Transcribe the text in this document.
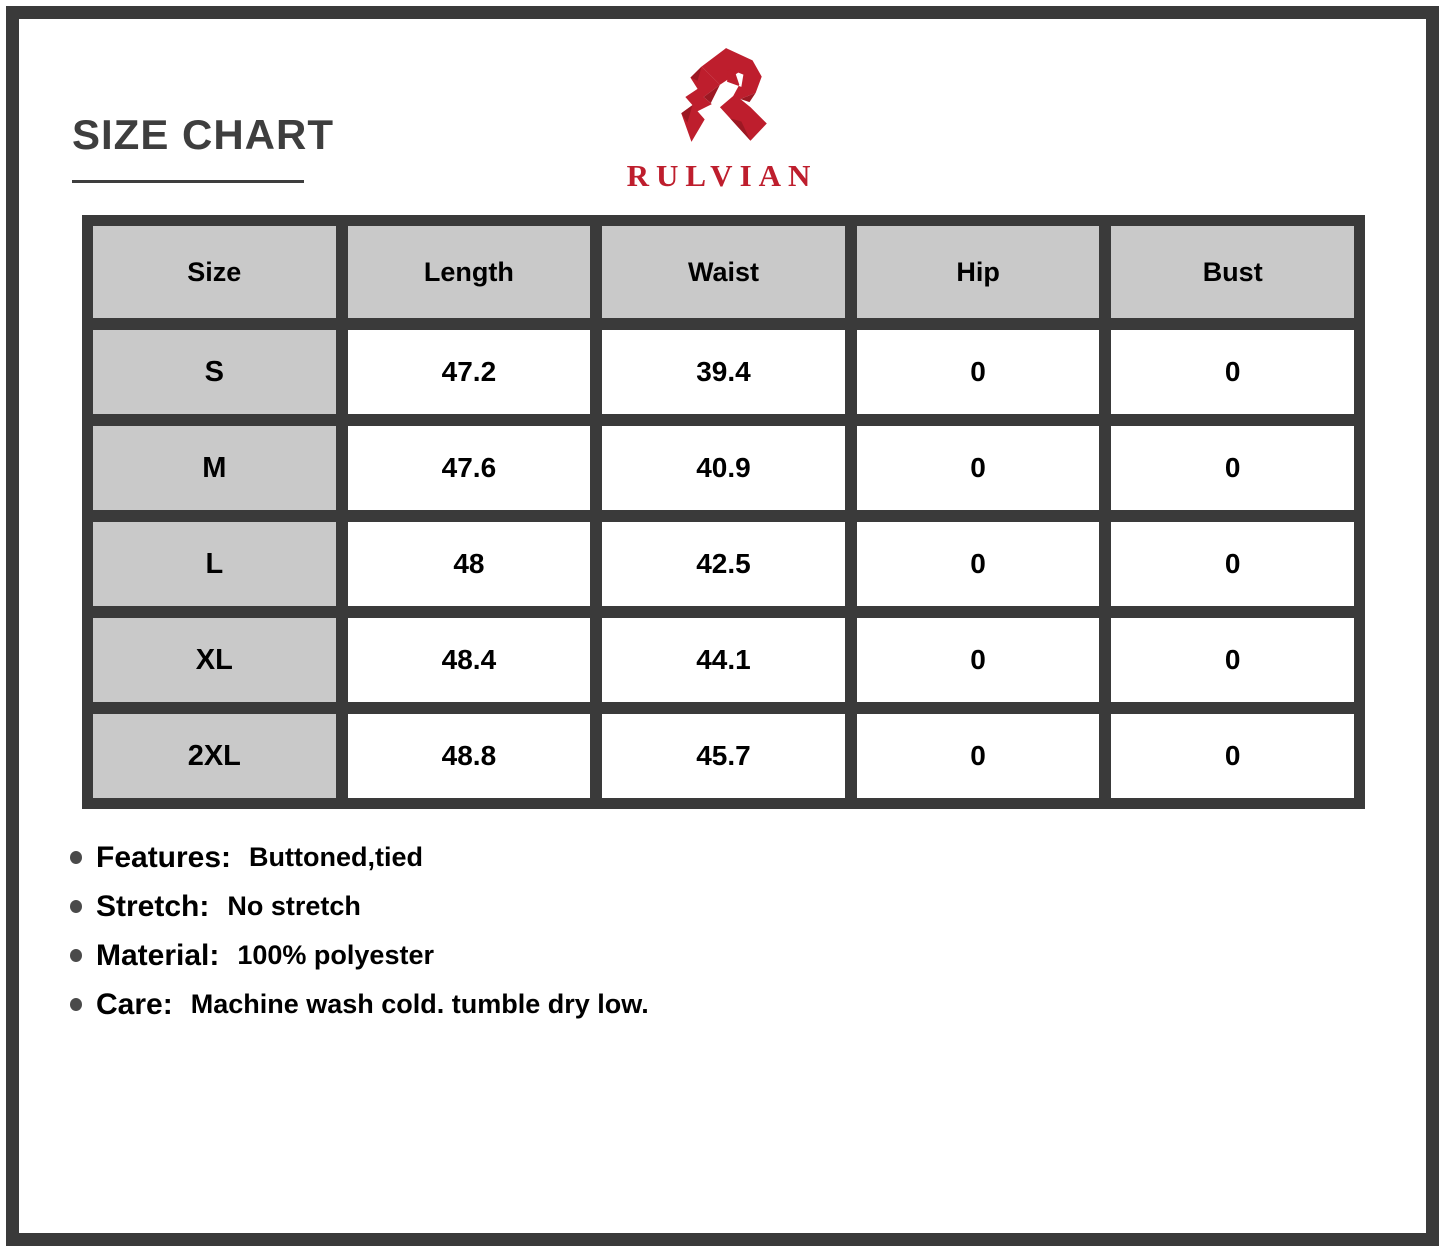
SIZE CHART
RULVIAN
Size	Length	Waist	Hip	Bust
S	47.2	39.4	0	0
M	47.6	40.9	0	0
L	48	42.5	0	0
XL	48.4	44.1	0	0
2XL	48.8	45.7	0	0
Features: Buttoned,tied
Stretch: No stretch
Material: 100% polyester
Care: Machine wash cold. tumble dry low.
